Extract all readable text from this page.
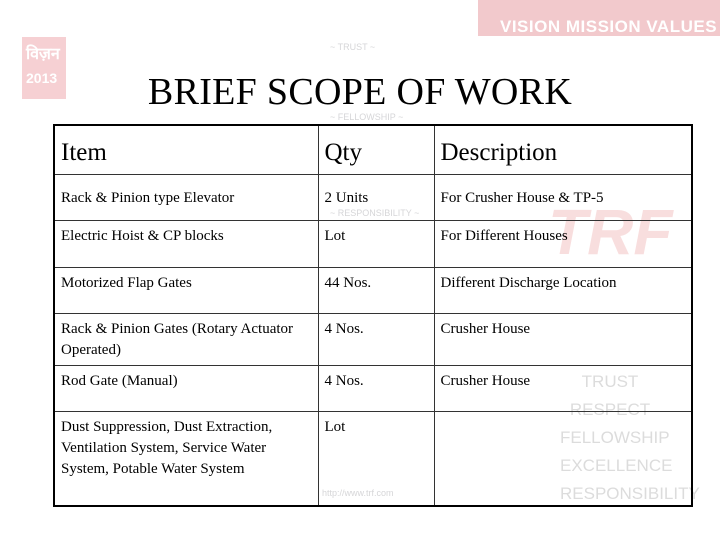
VISION MISSION VALUES
विज़न
2013
~ TRUST ~
~ FELLOWSHIP ~
~ RESPONSIBILITY ~ TRF
http://www.trf.com
TRUST
RESPECT
FELLOWSHIP
EXCELLENCE
RESPONSIBILITY
BRIEF SCOPE OF WORK
Item	Qty	Description
Rack & Pinion type Elevator	2 Units	For Crusher House & TP-5
Electric Hoist & CP blocks	Lot	For Different Houses
Motorized Flap Gates	44 Nos.	Different Discharge Location
Rack & Pinion Gates (Rotary Actuator Operated)	4 Nos.	Crusher House
Rod Gate (Manual)	4 Nos.	Crusher House
Dust Suppression, Dust Extraction, Ventilation System, Service Water System, Potable Water System	Lot	
